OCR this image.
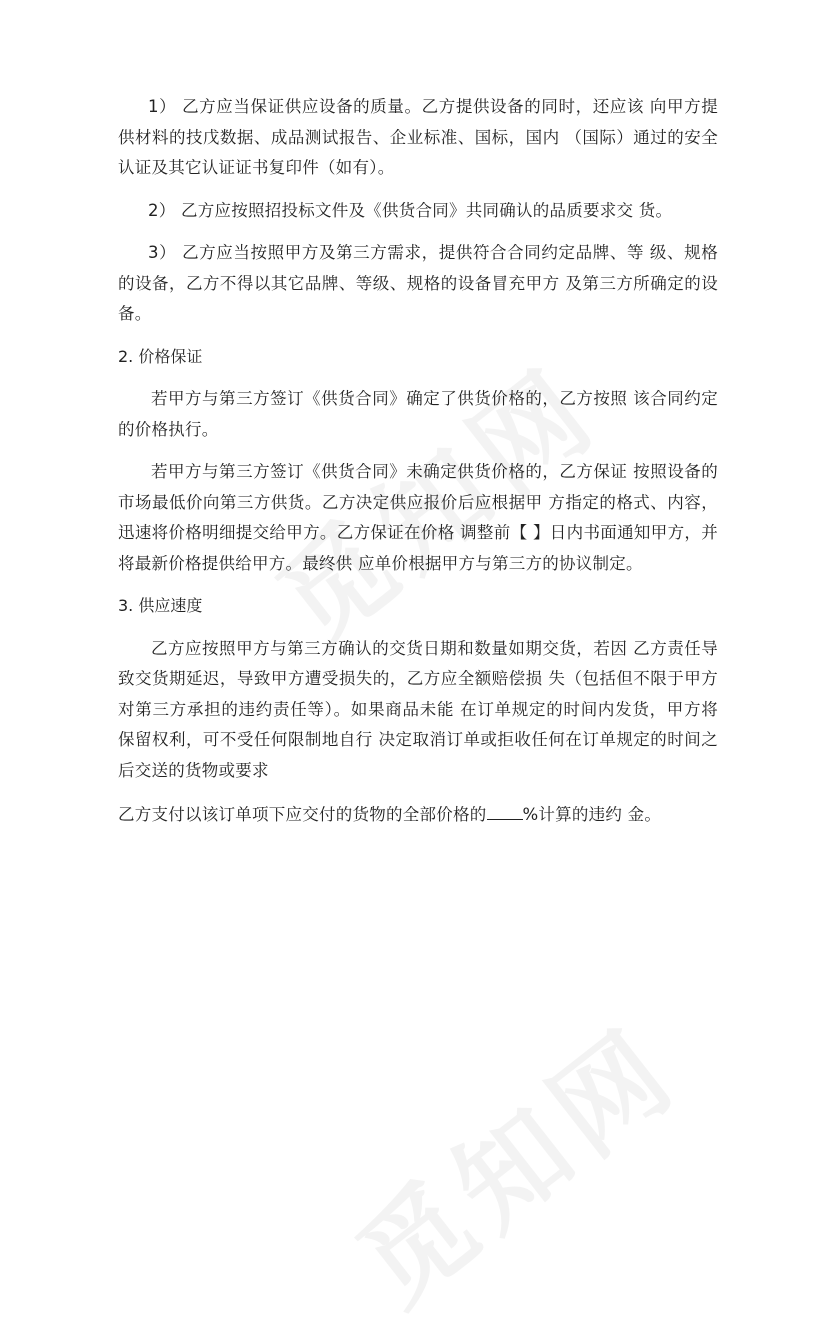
1） 乙方应当保证供应设备的质量。乙方提供设备的同时，还应该 向甲方提供材料的技戊数据、成品测试报告、企业标准、国标，国内 （国际）通过的安全认证及其它认证证书复印件（如有）。

2） 乙方应按照招投标文件及《供货合同》共同确认的品质要求交 货。

3） 乙方应当按照甲方及第三方需求，提供符合合同约定品牌、等 级、规格的设备，乙方不得以其它品牌、等级、规格的设备冒充甲方 及第三方所确定的设备。

2. 价格保证

若甲方与第三方签订《供货合同》确定了供货价格的，乙方按照 该合同约定的价格执行。

若甲方与第三方签订《供货合同》未确定供货价格的，乙方保证 按照设备的市场最低价向第三方供货。乙方决定供应报价后应根据甲 方指定的格式、内容，迅速将价格明细提交给甲方。乙方保证在价格 调整前【 】日内书面通知甲方，并将最新价格提供给甲方。最终供 应单价根据甲方与第三方的协议制定。

3. 供应速度

乙方应按照甲方与第三方确认的交货日期和数量如期交货，若因 乙方责任导致交货期延迟，导致甲方遭受损失的，乙方应全额赔偿损 失（包括但不限于甲方对第三方承担的违约责任等）。如果商品未能 在订单规定的时间内发货，甲方将保留权利，可不受任何限制地自行 决定取消订单或拒收任何在订单规定的时间之后交送的货物或要求

乙方支付以该订单项下应交付的货物的全部价格的 %计算的违约 金。
